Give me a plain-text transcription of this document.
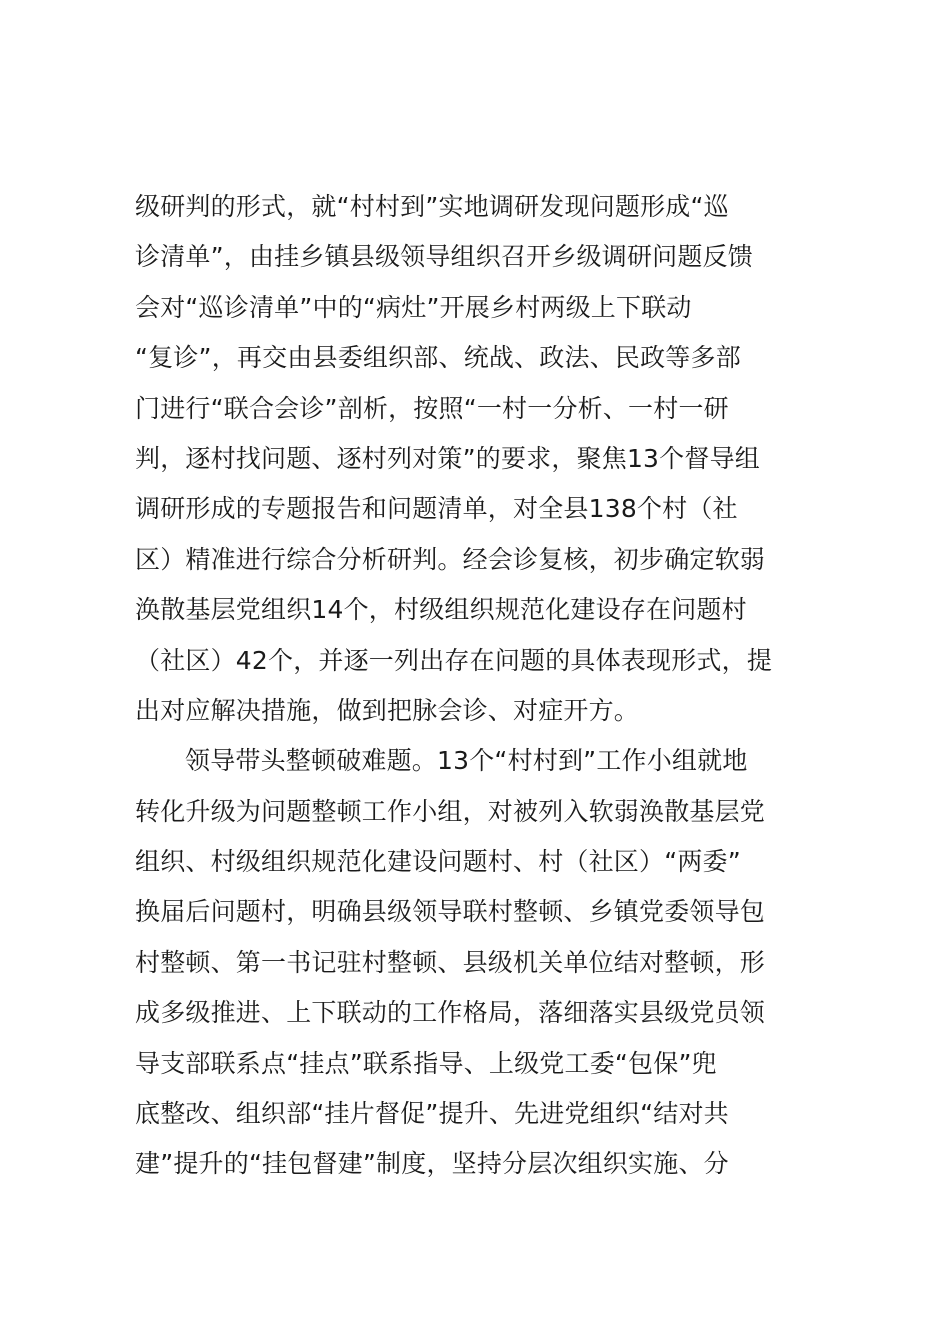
级研判的形式，就“村村到”实地调研发现问题形成“巡
诊清单”，由挂乡镇县级领导组织召开乡级调研问题反馈
会对“巡诊清单”中的“病灶”开展乡村两级上下联动
“复诊”，再交由县委组织部、统战、政法、民政等多部
门进行“联合会诊”剖析，按照“一村一分析、一村一研
判，逐村找问题、逐村列对策”的要求，聚焦13个督导组
调研形成的专题报告和问题清单，对全县138个村（社
区）精准进行综合分析研判。经会诊复核，初步确定软弱
涣散基层党组织14个，村级组织规范化建设存在问题村
（社区）42个，并逐一列出存在问题的具体表现形式，提
出对应解决措施，做到把脉会诊、对症开方。
领导带头整顿破难题。13个“村村到”工作小组就地
转化升级为问题整顿工作小组，对被列入软弱涣散基层党
组织、村级组织规范化建设问题村、村（社区）“两委”
换届后问题村，明确县级领导联村整顿、乡镇党委领导包
村整顿、第一书记驻村整顿、县级机关单位结对整顿，形
成多级推进、上下联动的工作格局，落细落实县级党员领
导支部联系点“挂点”联系指导、上级党工委“包保”兜
底整改、组织部“挂片督促”提升、先进党组织“结对共
建”提升的“挂包督建”制度，坚持分层次组织实施、分
